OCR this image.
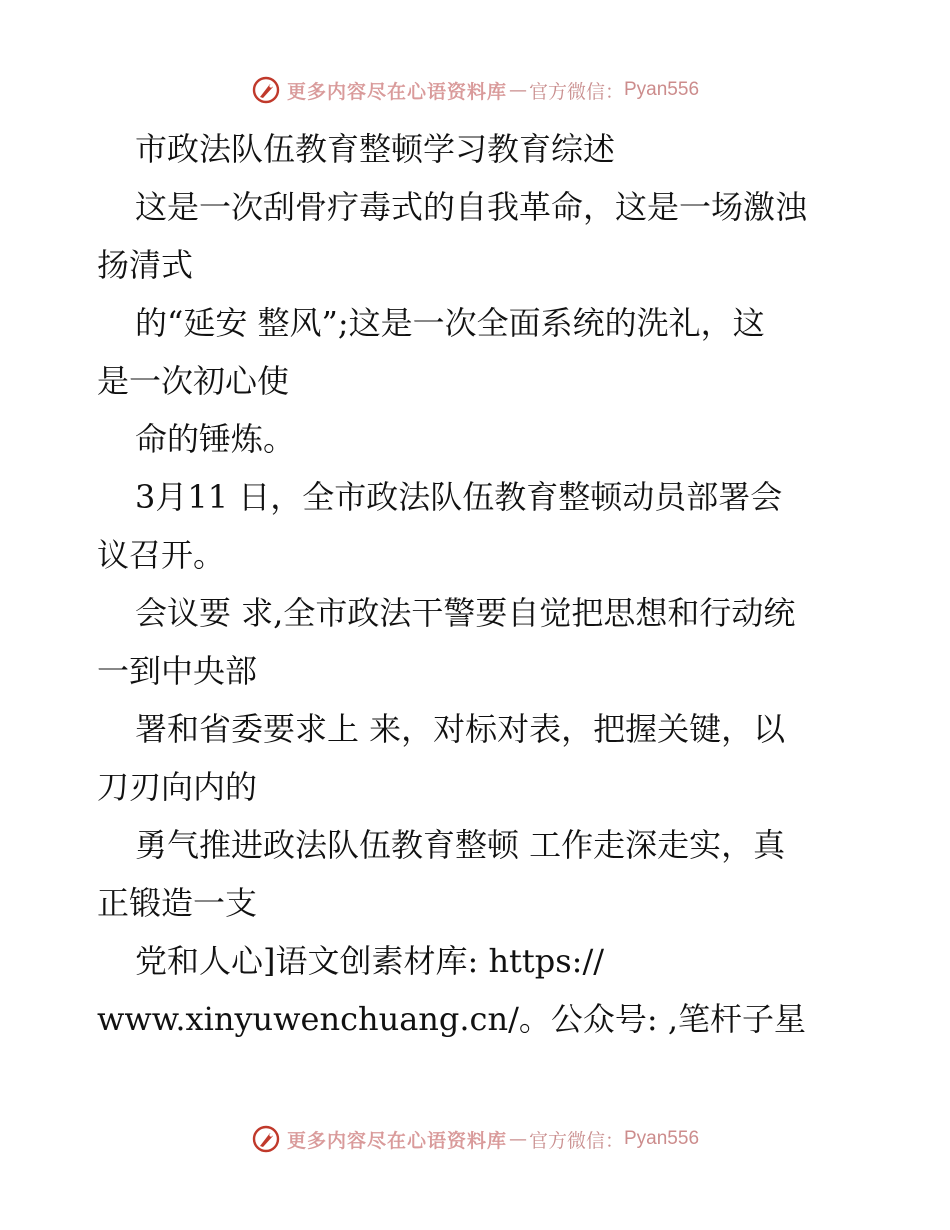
更多内容尽在心语资料库 — 官方微信： Pyan556
市政法队伍教育整顿学习教育综述
这是一次刮骨疗毒式的自我革命，这是一场激浊
扬清式
的“延安 整风”;这是一次全面系统的洗礼，这
是一次初心使
命的锤炼。
3月11 日，全市政法队伍教育整顿动员部署会
议召开。
会议要 求,全市政法干警要自觉把思想和行动统
一到中央部
署和省委要求上 来，对标对表，把握关键，以
刀刃向内的
勇气推进政法队伍教育整顿 工作走深走实，真
正锻造一支
党和人心]语文创素材库: https://
www.xinyuwenchuang.cn/。公众号: ,笔杆子星
更多内容尽在心语资料库 — 官方微信： Pyan556
